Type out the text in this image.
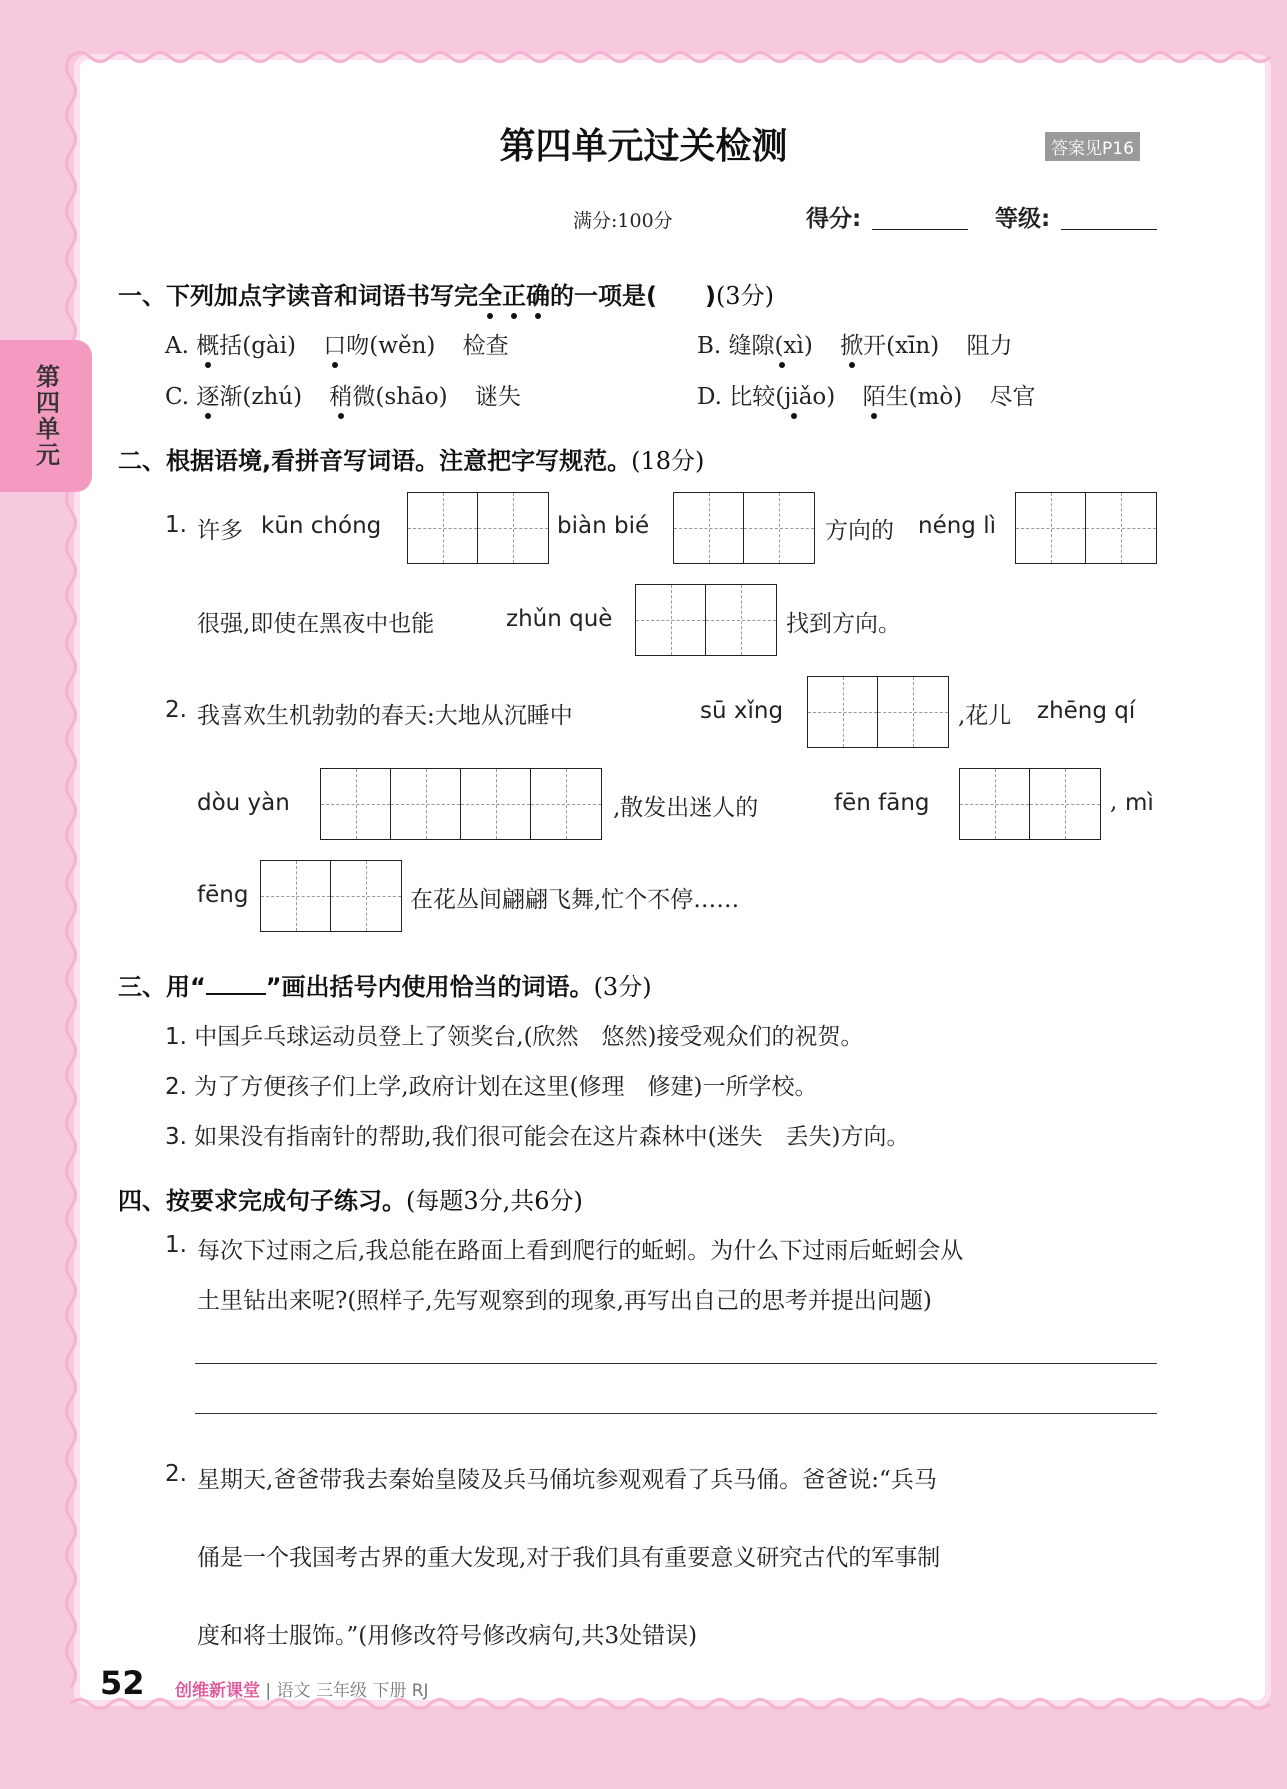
第四单元
第四单元过关检测	答案见P16
满分:100分	得分:	等级:
一、下列加点字读音和词语书写完全正确的一项是(　　)(3分)
A. 概括(gài) 口吻(wěn) 检查	B. 缝隙(xì) 掀开(xīn) 阻力
C. 逐渐(zhú) 稍微(shāo) 谜失	D. 比较(jiǎo) 陌生(mò) 尽官
二、根据语境,看拼音写词语。注意把字写规范。(18分)
1. 许多 kūn chóng	biàn bié	方向的 néng lì
很强,即使在黑夜中也能	zhǔn què	找到方向。
2. 我喜欢生机勃勃的春天:大地从沉睡中	sū xǐng	,花儿 zhēng qí
dòu yàn	,散发出迷人的	fēn fāng	, mì
fēng	在花丛间翩翩飞舞,忙个不停……
三、用“	”画出括号内使用恰当的词语。(3分)
1. 中国乒乓球运动员登上了领奖台,(欣然　悠然)接受观众们的祝贺。
2. 为了方便孩子们上学,政府计划在这里(修理　修建)一所学校。
3. 如果没有指南针的帮助,我们很可能会在这片森林中(迷失　丢失)方向。
四、按要求完成句子练习。(每题3分,共6分)
1. 每次下过雨之后,我总能在路面上看到爬行的蚯蚓。为什么下过雨后蚯蚓会从
土里钻出来呢?(照样子,先写观察到的现象,再写出自己的思考并提出问题)
2. 星期天,爸爸带我去秦始皇陵及兵马俑坑参观观看了兵马俑。爸爸说:“兵马
俑是一个我国考古界的重大发现,对于我们具有重要意义研究古代的军事制
度和将士服饰。”(用修改符号修改病句,共3处错误)
52 创维新课堂 | 语文 三年级 下册 RJ
